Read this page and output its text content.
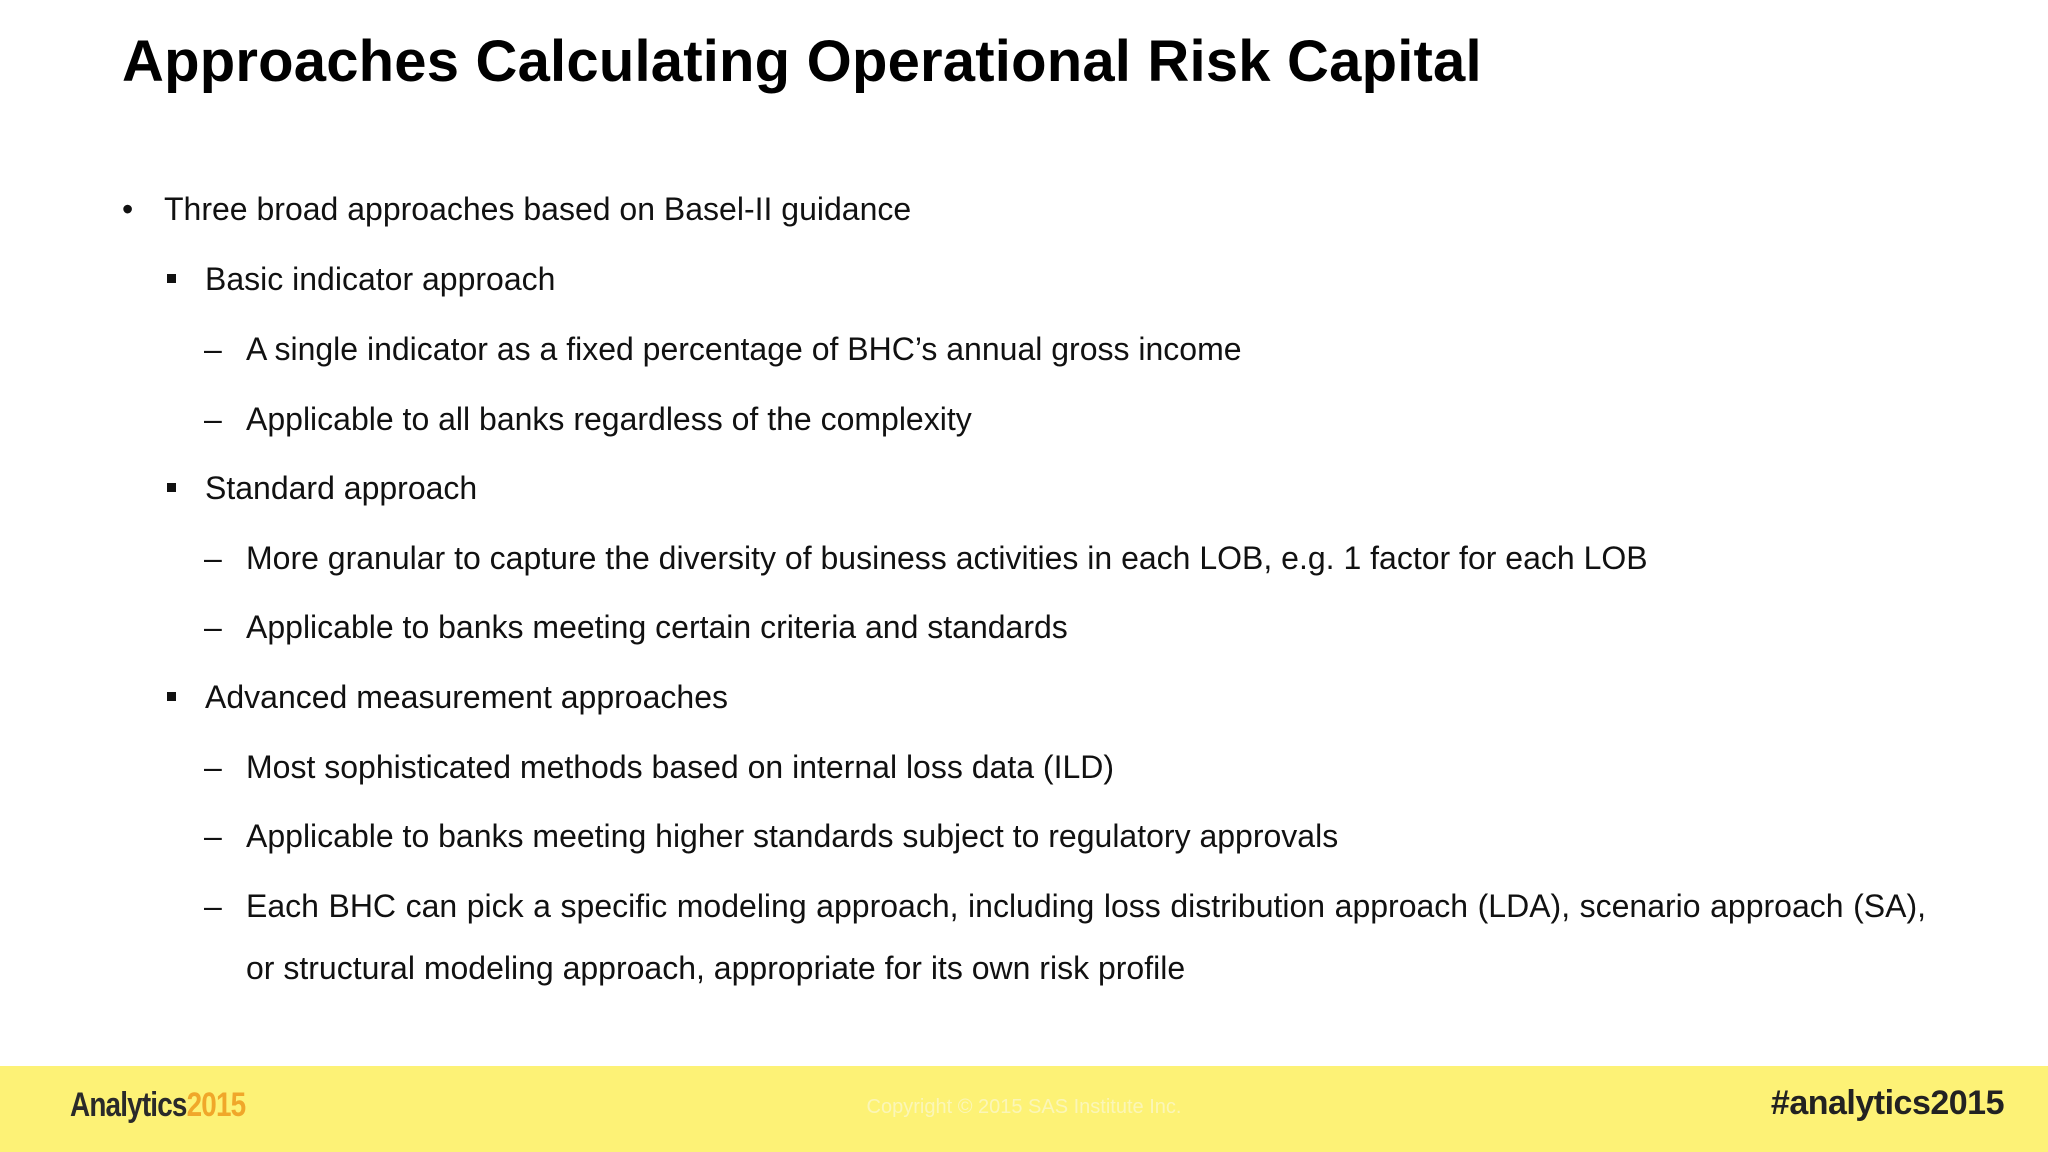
Approaches Calculating Operational Risk Capital
• Three broad approaches based on Basel-II guidance
Basic indicator approach
– A single indicator as a fixed percentage of BHC’s annual gross income
– Applicable to all banks regardless of the complexity
Standard approach
– More granular to capture the diversity of business activities in each LOB, e.g. 1 factor for each LOB
– Applicable to banks meeting certain criteria and standards
Advanced measurement approaches
– Most sophisticated methods based on internal loss data (ILD)
– Applicable to banks meeting higher standards subject to regulatory approvals
– Each BHC can pick a specific modeling approach, including loss distribution approach (LDA), scenario approach (SA), or structural modeling approach, appropriate for its own risk profile
Analytics2015	Copyright © 2015 SAS Institute Inc.	#analytics2015
